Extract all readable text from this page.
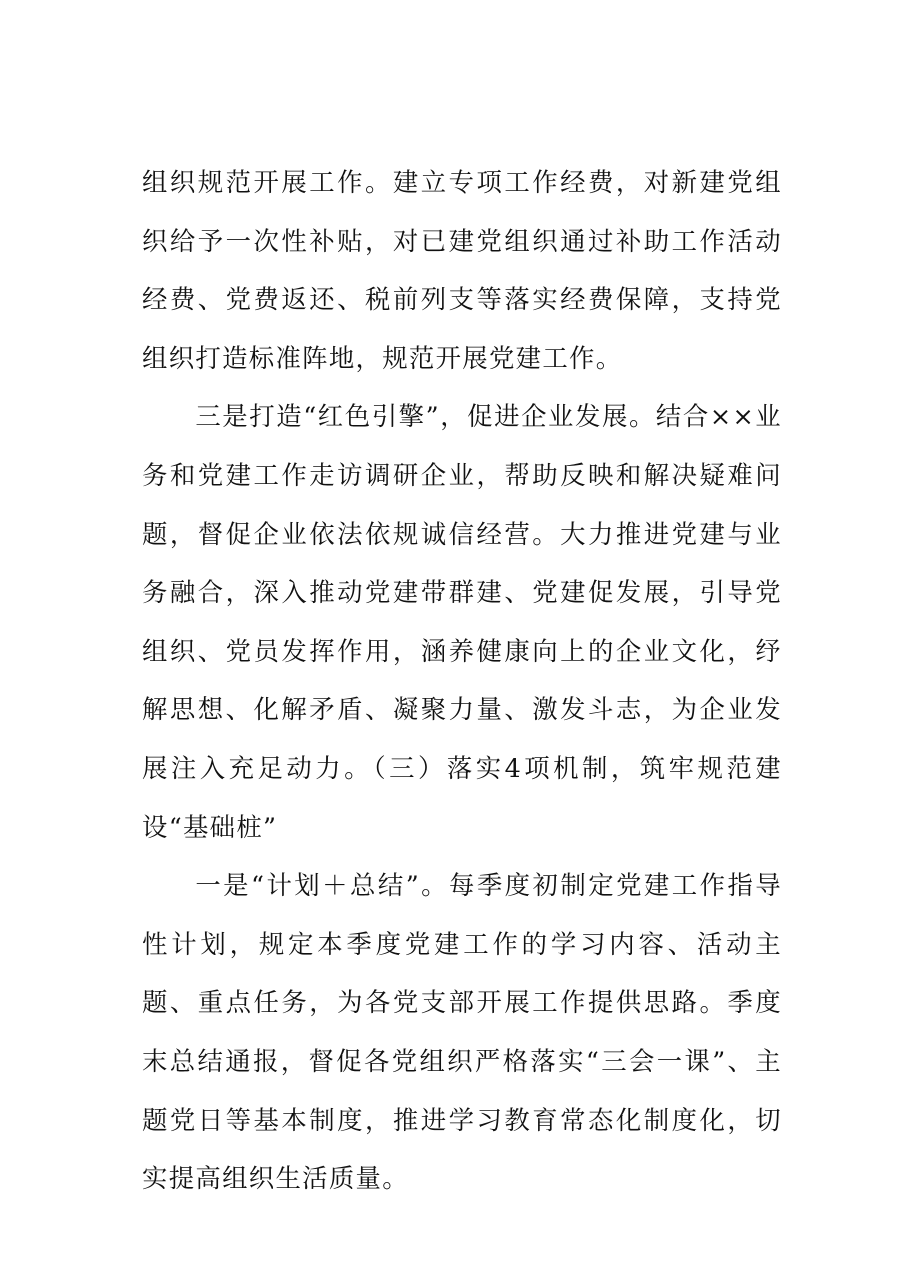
组织规范开展工作。建立专项工作经费，对新建党组织给予一次性补贴，对已建党组织通过补助工作活动经费、党费返还、税前列支等落实经费保障，支持党组织打造标准阵地，规范开展党建工作。

三是打造“红色引擎”，促进企业发展。结合××业务和党建工作走访调研企业，帮助反映和解决疑难问题，督促企业依法依规诚信经营。大力推进党建与业务融合，深入推动党建带群建、党建促发展，引导党组织、党员发挥作用，涵养健康向上的企业文化，纾解思想、化解矛盾、凝聚力量、激发斗志，为企业发展注入充足动力。（三）落实4项机制，筑牢规范建设“基础桩”

一是“计划＋总结”。每季度初制定党建工作指导性计划，规定本季度党建工作的学习内容、活动主题、重点任务，为各党支部开展工作提供思路。季度末总结通报，督促各党组织严格落实“三会一课”、主题党日等基本制度，推进学习教育常态化制度化，切实提高组织生活质量。
